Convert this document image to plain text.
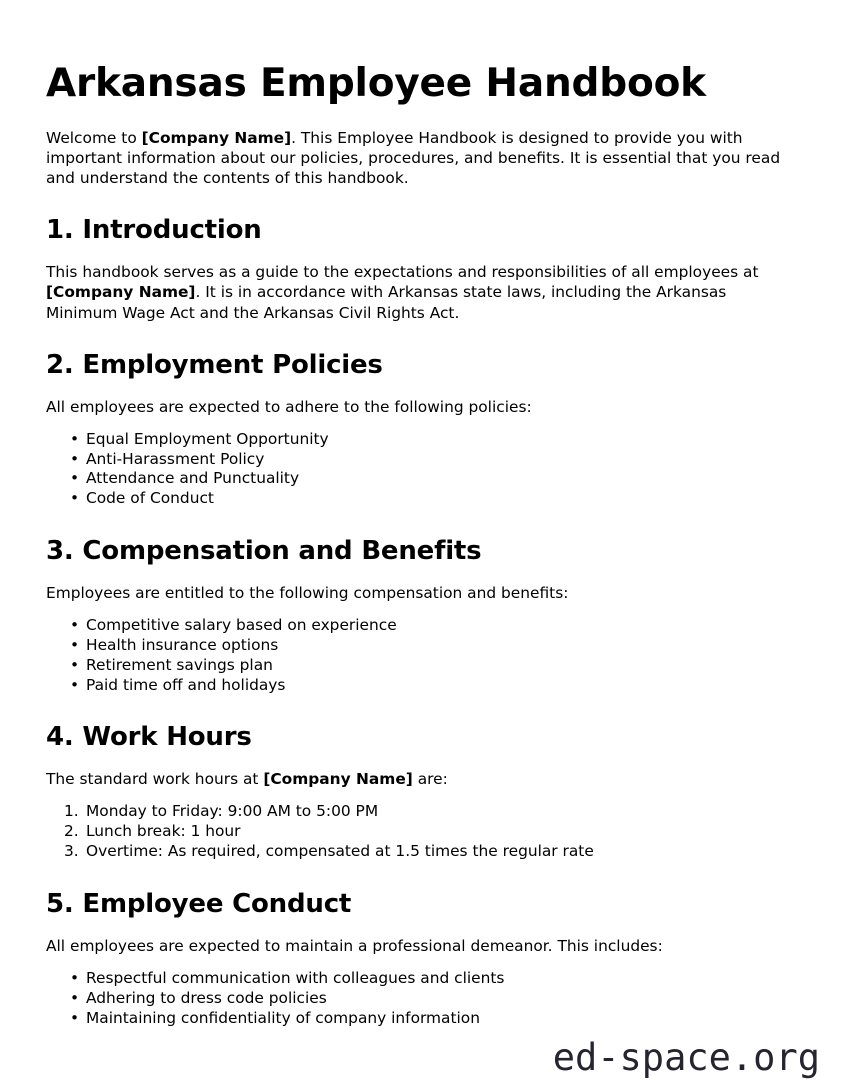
Arkansas Employee Handbook

Welcome to [Company Name]. This Employee Handbook is designed to provide you with important information about our policies, procedures, and benefits. It is essential that you read and understand the contents of this handbook.

1. Introduction

This handbook serves as a guide to the expectations and responsibilities of all employees at [Company Name]. It is in accordance with Arkansas state laws, including the Arkansas Minimum Wage Act and the Arkansas Civil Rights Act.

2. Employment Policies

All employees are expected to adhere to the following policies:

• Equal Employment Opportunity
• Anti-Harassment Policy
• Attendance and Punctuality
• Code of Conduct
3. Compensation and Benefits

Employees are entitled to the following compensation and benefits:

• Competitive salary based on experience
• Health insurance options
• Retirement savings plan
• Paid time off and holidays
4. Work Hours

The standard work hours at [Company Name] are:

Monday to Friday: 9:00 AM to 5:00 PM
Lunch break: 1 hour
Overtime: As required, compensated at 1.5 times the regular rate
5. Employee Conduct

All employees are expected to maintain a professional demeanor. This includes:

• Respectful communication with colleagues and clients
• Adhering to dress code policies
• Maintaining confidentiality of company information
ed-space.org
